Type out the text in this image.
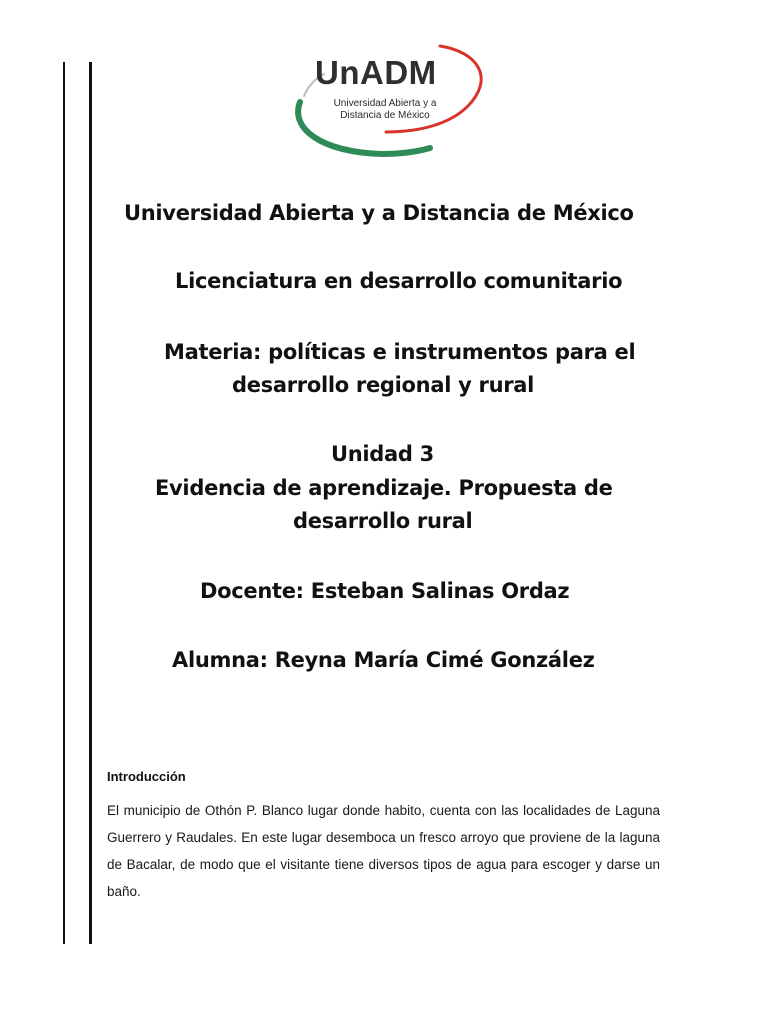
UnADM
Universidad Abierta y a
Distancia de México
Universidad Abierta y a Distancia de México
Licenciatura en desarrollo comunitario
Materia: políticas e instrumentos para el
desarrollo regional y rural
Unidad 3
Evidencia de aprendizaje. Propuesta de
desarrollo rural
Docente: Esteban Salinas Ordaz
Alumna: Reyna María Cimé González
Introducción
El municipio de Othón P. Blanco lugar donde habito, cuenta con las localidades de Laguna Guerrero y Raudales. En este lugar desemboca un fresco arroyo que proviene de la laguna de Bacalar, de modo que el visitante tiene diversos tipos de agua para escoger y darse un baño.
